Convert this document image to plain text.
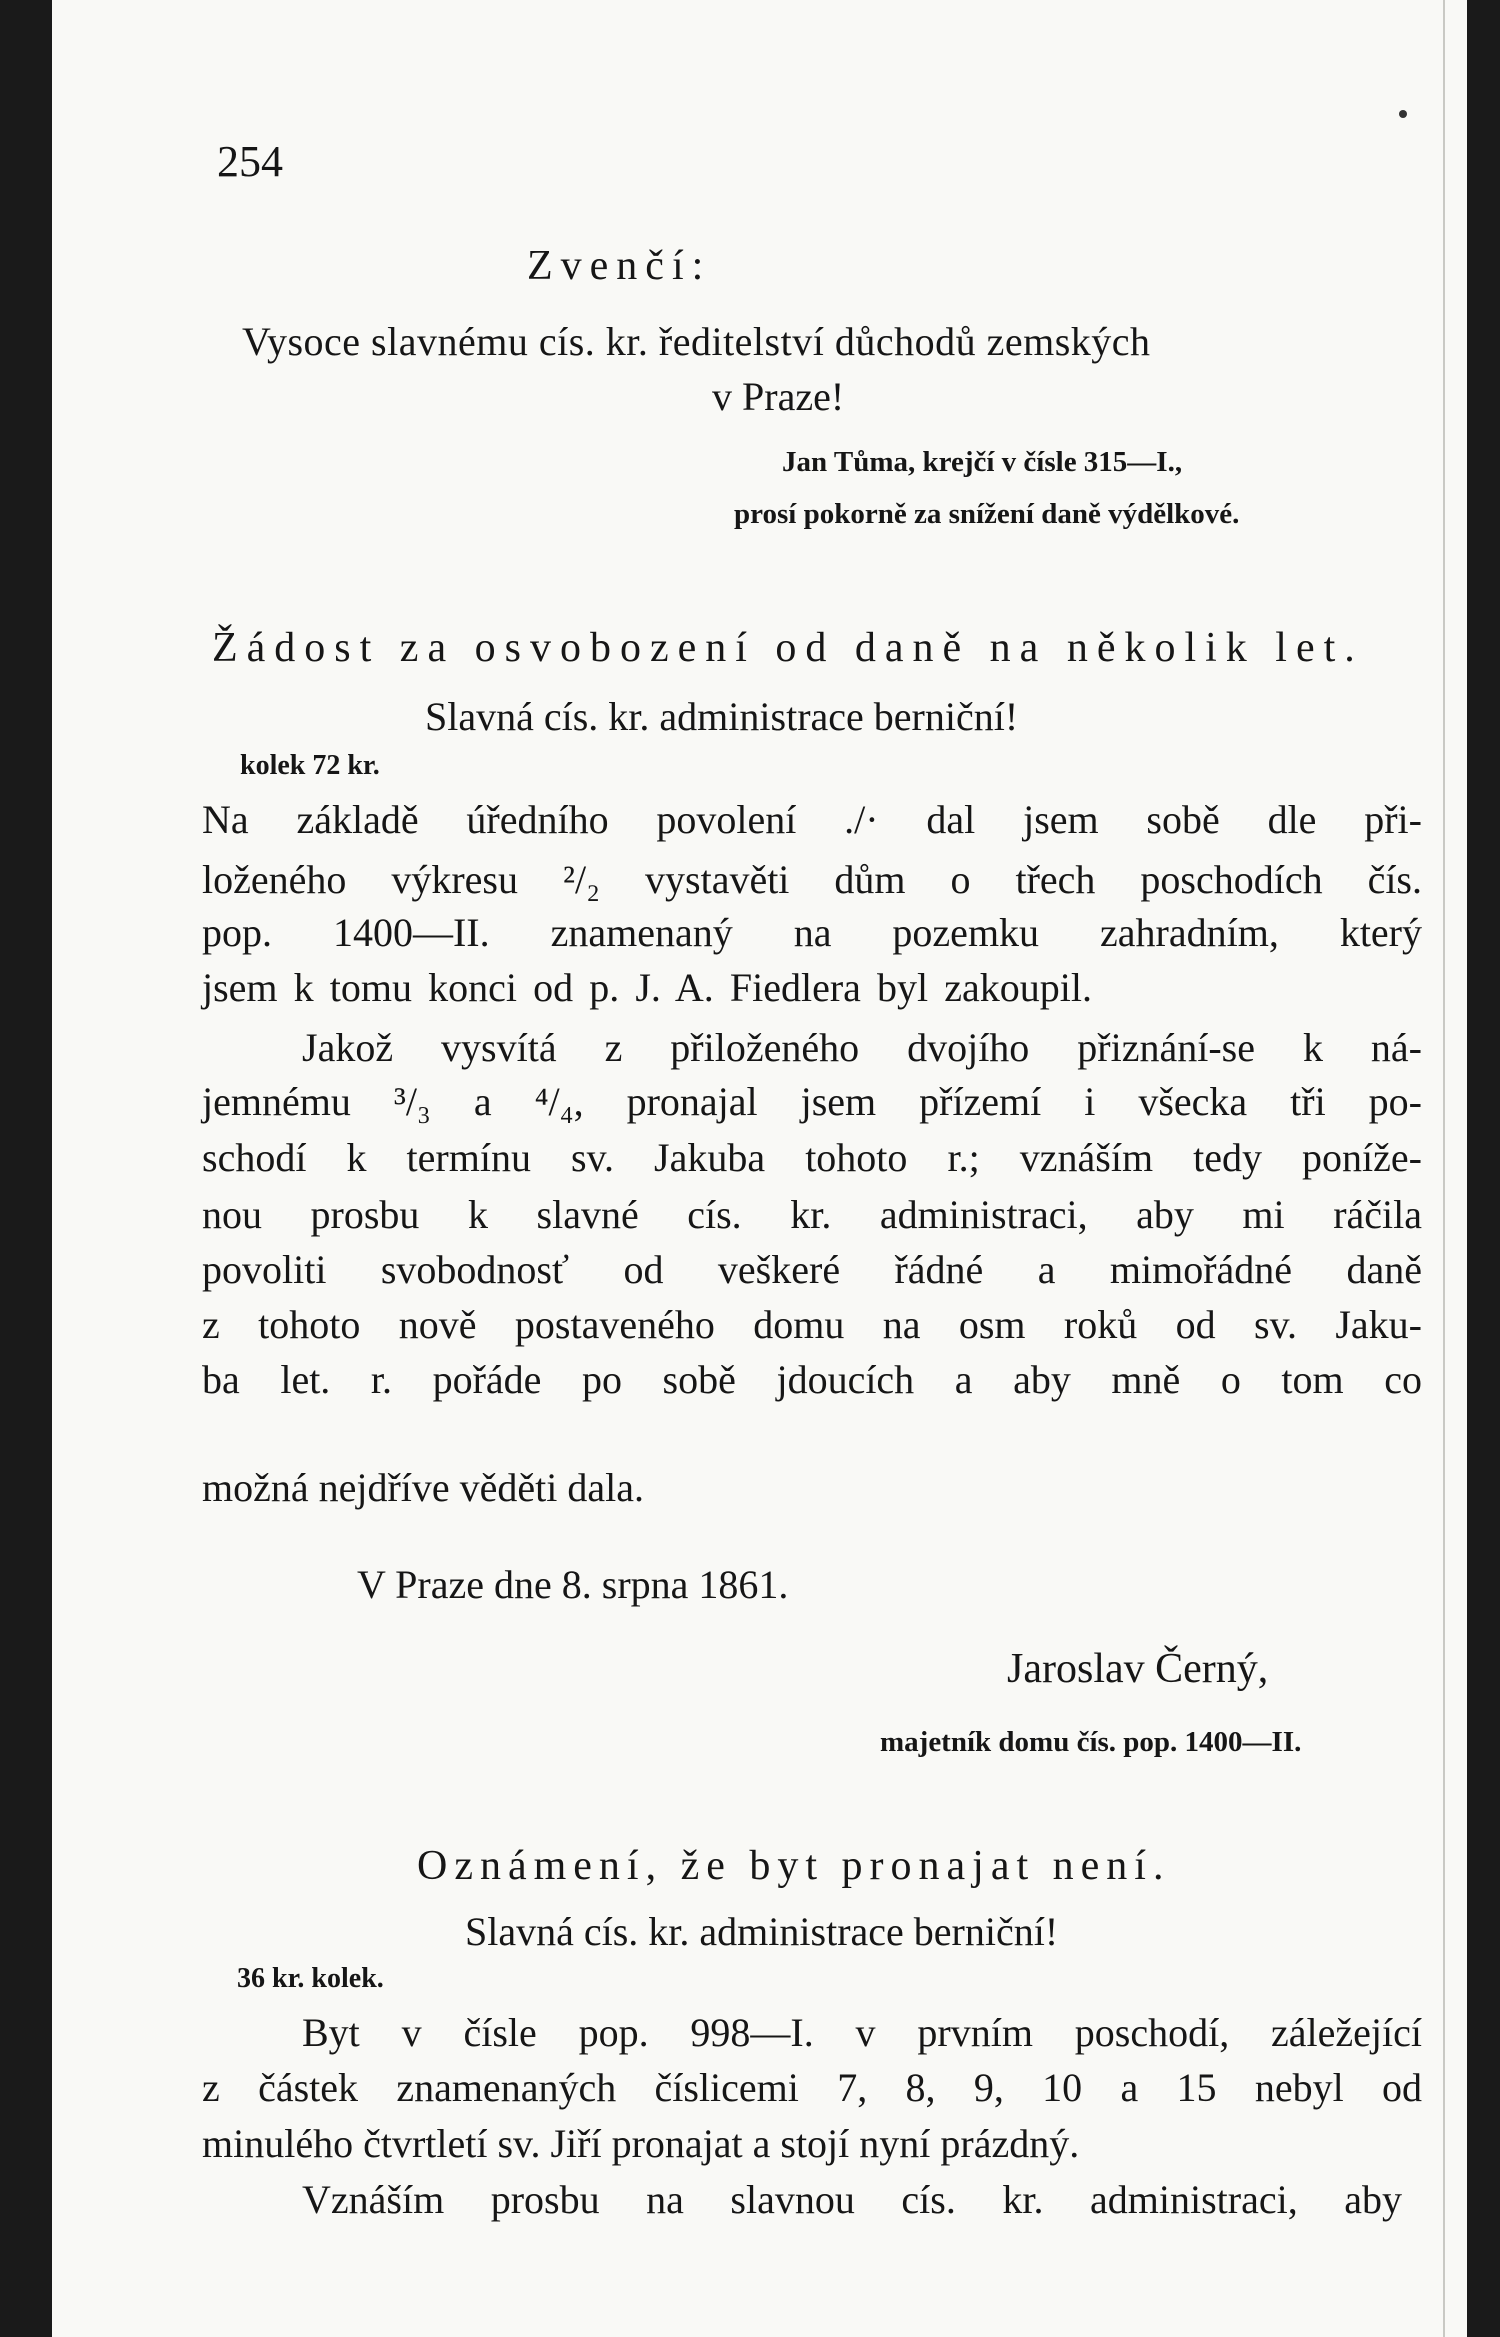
254
Zvenčí:
Vysoce slavnému cís. kr. ředitelství důchodů zemských
v Praze!
Jan Tůma, krejčí v čísle 315—I.,
prosí pokorně za snížení daně výdělkové.
Žádost za osvobození od daně na několik let.
Slavná cís. kr. administrace berniční!
kolek 72 kr.
Na základě úředního povolení ./· dal jsem sobě dle při-
loženého výkresu ²/₂ vystavěti dům o třech poschodích čís.
pop. 1400—II. znamenaný na pozemku zahradním, který
jsem k tomu konci od p. J. A. Fiedlera byl zakoupil.
Jakož vysvítá z přiloženého dvojího přiznání-se k ná-
jemnému ³/₃ a ⁴/₄, pronajal jsem přízemí i všecka tři po-
schodí k termínu sv. Jakuba tohoto r.; vznáším tedy poníže-
nou prosbu k slavné cís. kr. administraci, aby mi ráčila
povoliti svobodnosť od veškeré řádné a mimořádné daně
z tohoto nově postaveného domu na osm roků od sv. Jaku-
ba let. r. pořáde po sobě jdoucích a aby mně o tom co
možná nejdříve věděti dala.
V Praze dne 8. srpna 1861.
Jaroslav Černý,
majetník domu čís. pop. 1400—II.
Oznámení, že byt pronajat není.
Slavná cís. kr. administrace berniční!
36 kr. kolek.
Byt v čísle pop. 998—I. v prvním poschodí, záležející
z částek znamenaných číslicemi 7, 8, 9, 10 a 15 nebyl od
minulého čtvrtletí sv. Jiří pronajat a stojí nyní prázdný.
Vznáším prosbu na slavnou cís. kr. administraci, aby
